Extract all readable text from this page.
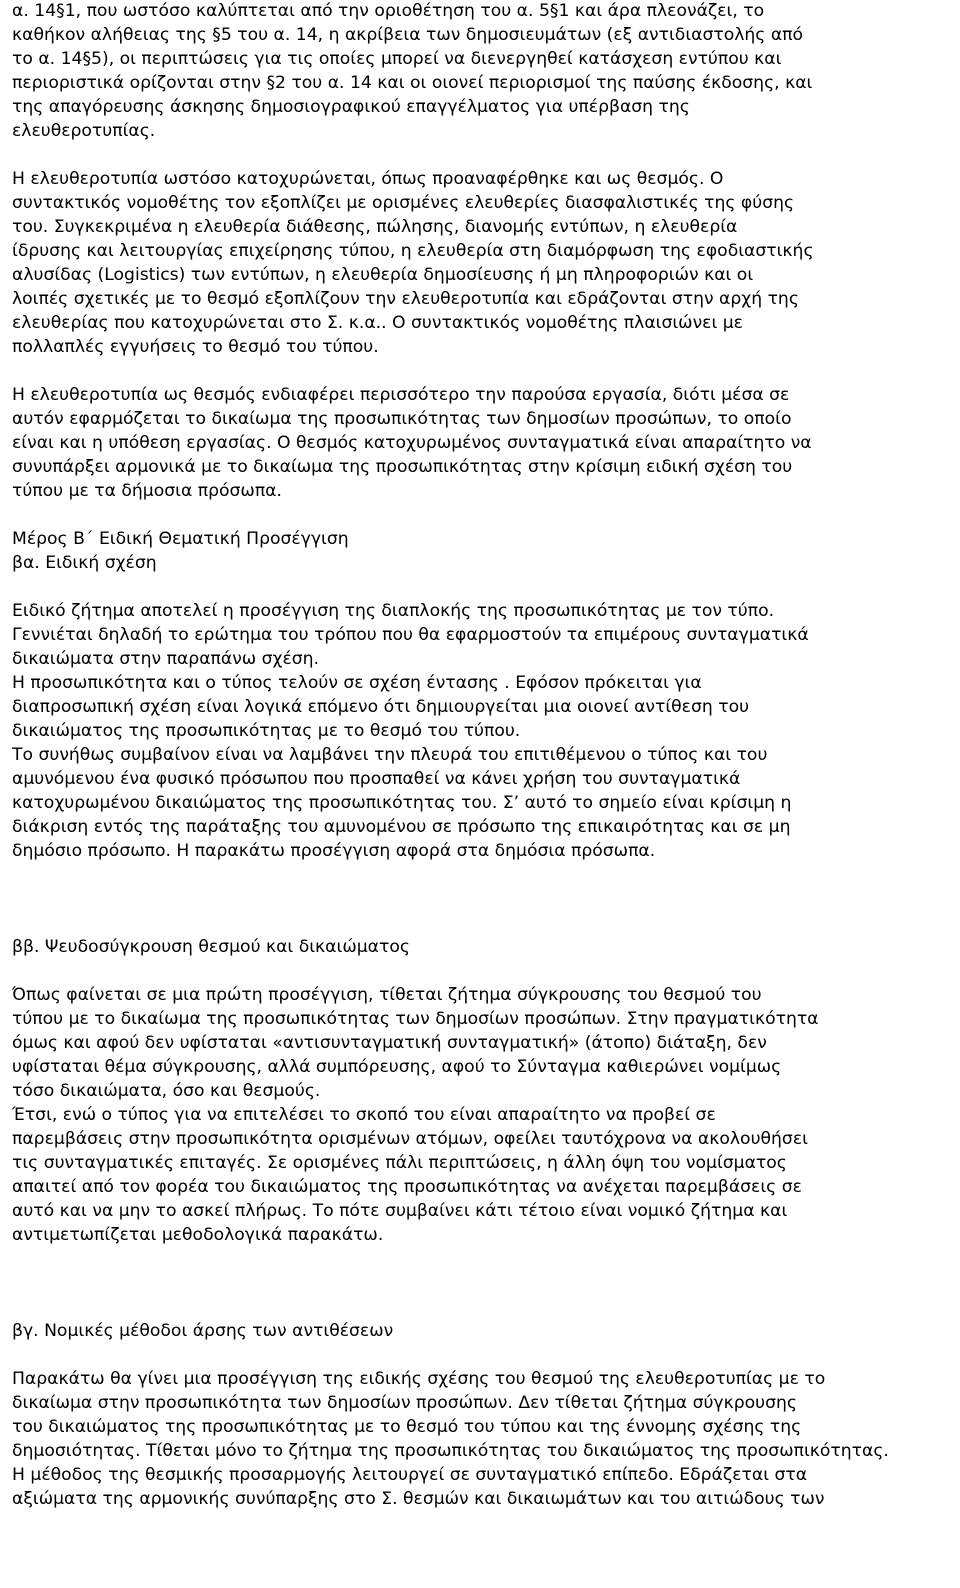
α. 14§1, που ωστόσο καλύπτεται από την οριοθέτηση του α. 5§1 και άρα πλεονάζει, το
καθήκον αλήθειας της §5 του α. 14, η ακρίβεια των δημοσιευμάτων (εξ αντιδιαστολής από
το α. 14§5), οι περιπτώσεις για τις οποίες μπορεί να διενεργηθεί κατάσχεση εντύπου και
περιοριστικά ορίζονται στην §2 του α. 14 και οι οιονεί περιορισμοί της παύσης έκδοσης, και
της απαγόρευσης άσκησης δημοσιογραφικού επαγγέλματος για υπέρβαση της
ελευθεροτυπίας.

Η ελευθεροτυπία ωστόσο κατοχυρώνεται, όπως προαναφέρθηκε και ως θεσμός. Ο
συντακτικός νομοθέτης τον εξοπλίζει με ορισμένες ελευθερίες διασφαλιστικές της φύσης
του. Συγκεκριμένα η ελευθερία διάθεσης, πώλησης, διανομής εντύπων, η ελευθερία
ίδρυσης και λειτουργίας επιχείρησης τύπου, η ελευθερία στη διαμόρφωση της εφοδιαστικής
αλυσίδας (Logistics) των εντύπων, η ελευθερία δημοσίευσης ή μη πληροφοριών και οι
λοιπές σχετικές με το θεσμό εξοπλίζουν την ελευθεροτυπία και εδράζονται στην αρχή της
ελευθερίας που κατοχυρώνεται στο Σ. κ.α.. Ο συντακτικός νομοθέτης πλαισιώνει με
πολλαπλές εγγυήσεις το θεσμό του τύπου.

Η ελευθεροτυπία ως θεσμός ενδιαφέρει περισσότερο την παρούσα εργασία, διότι μέσα σε
αυτόν εφαρμόζεται το δικαίωμα της προσωπικότητας των δημοσίων προσώπων, το οποίο
είναι και η υπόθεση εργασίας. Ο θεσμός κατοχυρωμένος συνταγματικά είναι απαραίτητο να
συνυπάρξει αρμονικά με το δικαίωμα της προσωπικότητας στην κρίσιμη ειδική σχέση του
τύπου με τα δήμοσια πρόσωπα.

Μέρος Β΄ Ειδική Θεματική Προσέγγιση

βα. Ειδική σχέση

Ειδικό ζήτημα αποτελεί η προσέγγιση της διαπλοκής της προσωπικότητας με τον τύπο.
Γεννιέται δηλαδή το ερώτημα του τρόπου που θα εφαρμοστούν τα επιμέρους συνταγματικά
δικαιώματα στην παραπάνω σχέση.
Η προσωπικότητα και ο τύπος τελούν σε σχέση έντασης . Εφόσον πρόκειται για
διαπροσωπική σχέση είναι λογικά επόμενο ότι δημιουργείται μια οιονεί αντίθεση του
δικαιώματος της προσωπικότητας με το θεσμό του τύπου.
Το συνήθως συμβαίνον είναι να λαμβάνει την πλευρά του επιτιθέμενου ο τύπος και του
αμυνόμενου ένα φυσικό πρόσωπου που προσπαθεί να κάνει χρήση του συνταγματικά
κατοχυρωμένου δικαιώματος της προσωπικότητας του. Σ’ αυτό το σημείο είναι κρίσιμη η
διάκριση εντός της παράταξης του αμυνομένου σε πρόσωπο της επικαιρότητας και σε μη
δημόσιο πρόσωπο. Η παρακάτω προσέγγιση αφορά στα δημόσια πρόσωπα.

ββ. Ψευδοσύγκρουση θεσμού και δικαιώματος

Όπως φαίνεται σε μια πρώτη προσέγγιση, τίθεται ζήτημα σύγκρουσης του θεσμού του
τύπου με το δικαίωμα της προσωπικότητας των δημοσίων προσώπων. Στην πραγματικότητα
όμως και αφού δεν υφίσταται «αντισυνταγματική συνταγματική» (άτοπο) διάταξη, δεν
υφίσταται θέμα σύγκρουσης, αλλά συμπόρευσης, αφού το Σύνταγμα καθιερώνει νομίμως
τόσο δικαιώματα, όσο και θεσμούς.
Έτσι, ενώ ο τύπος για να επιτελέσει το σκοπό του είναι απαραίτητο να προβεί σε
παρεμβάσεις στην προσωπικότητα ορισμένων ατόμων, οφείλει ταυτόχρονα να ακολουθήσει
τις συνταγματικές επιταγές. Σε ορισμένες πάλι περιπτώσεις, η άλλη όψη του νομίσματος
απαιτεί από τον φορέα του δικαιώματος της προσωπικότητας να ανέχεται παρεμβάσεις σε
αυτό και να μην το ασκεί πλήρως. Το πότε συμβαίνει κάτι τέτοιο είναι νομικό ζήτημα και
αντιμετωπίζεται μεθοδολογικά παρακάτω.

βγ. Νομικές μέθοδοι άρσης των αντιθέσεων

Παρακάτω θα γίνει μια προσέγγιση της ειδικής σχέσης του θεσμού της ελευθεροτυπίας με το
δικαίωμα στην προσωπικότητα των δημοσίων προσώπων. Δεν τίθεται ζήτημα σύγκρουσης
του δικαιώματος της προσωπικότητας με το θεσμό του τύπου και της έννομης σχέσης της
δημοσιότητας. Τίθεται μόνο το ζήτημα της προσωπικότητας του δικαιώματος της προσωπικότητας.
Η μέθοδος της θεσμικής προσαρμογής λειτουργεί σε συνταγματικό επίπεδο. Εδράζεται στα
αξιώματα της αρμονικής συνύπαρξης στο Σ. θεσμών και δικαιωμάτων και του αιτιώδους των
